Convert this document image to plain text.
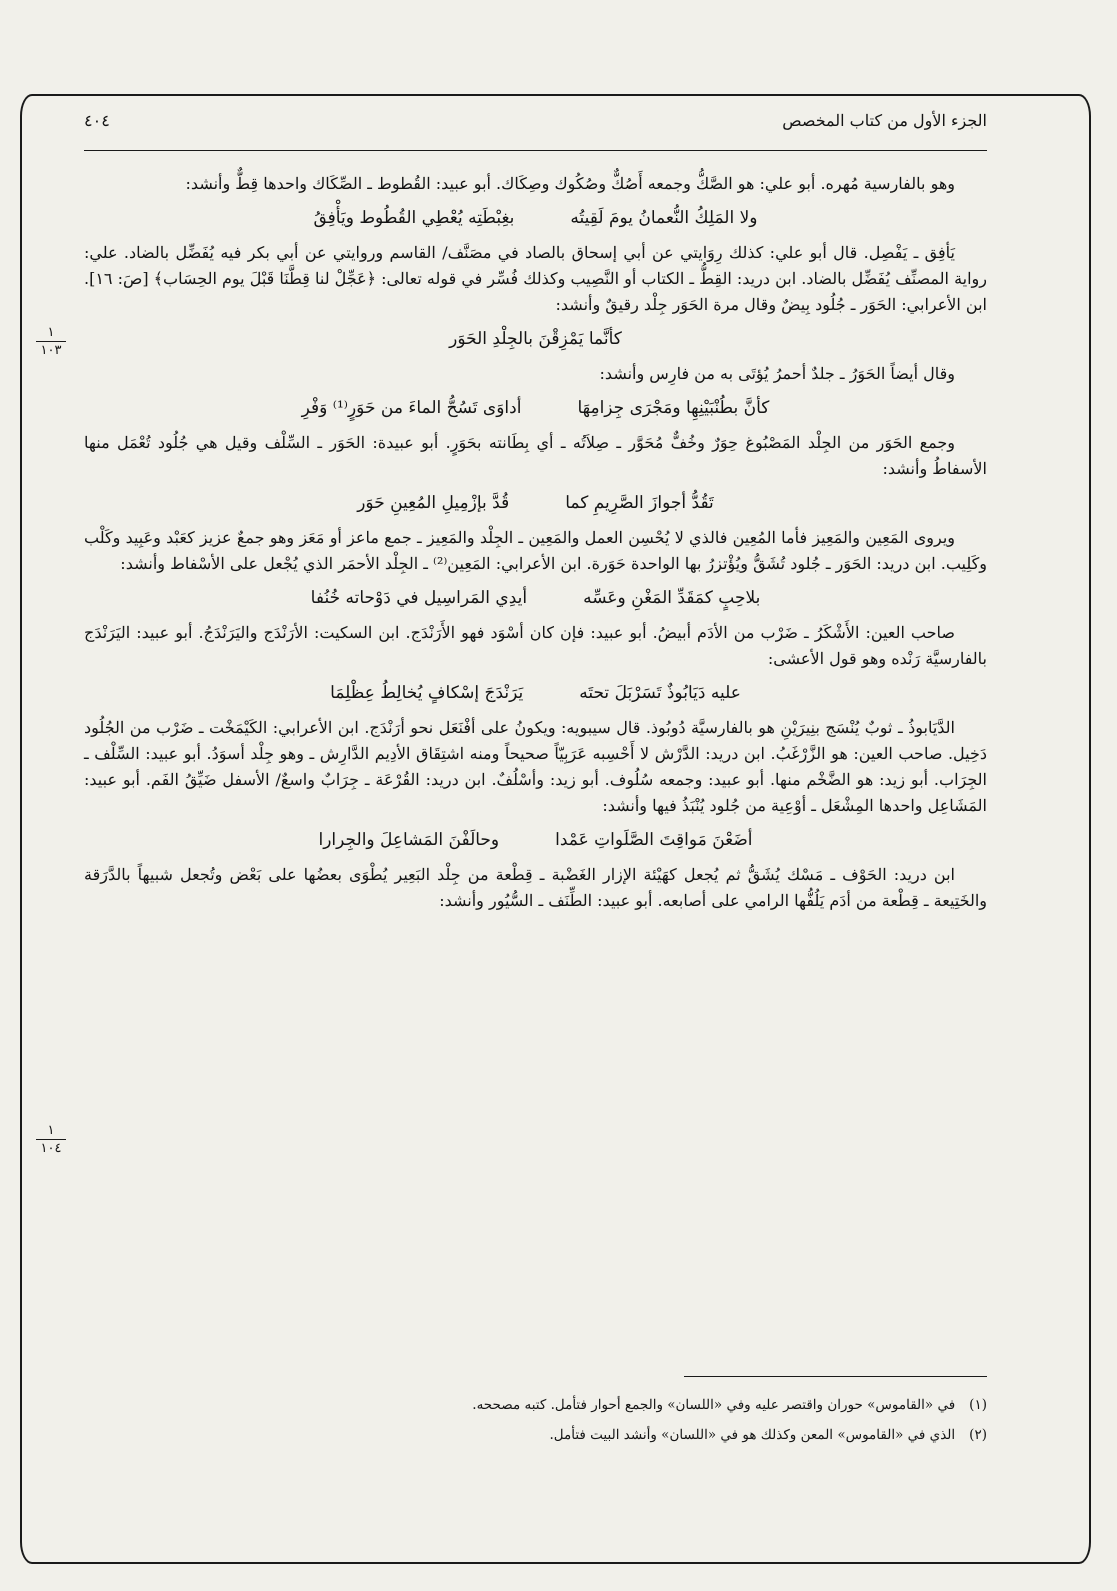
الجزء الأول من كتاب المخصص
٤٠٤
١
١٠٣
١
١٠٤

وهو بالفارسية مُهره. أبو علي: هو الصَّكُّ وجمعه أَصُكٌّ وصُكُوك وصِكَاك. أبو عبيد: القُطوط ـ الصِّكَاك واحدها قِطٌّ وأنشد:

ولا المَلِكُ النُّعمانُ يومَ لَقِيتُه
بغِبْطَتِه يُعْطِي القُطُوط ويَأْفِقُ

يَأفِق ـ يَفْصِل. قال أبو علي: كذلك رِوَايتي عن أبي إسحاق بالصاد في مصَنَّف/ القاسم وروايتي عن أبي بكر فيه يُفَضِّل بالضاد. علي: رواية المصنِّف يُفَضِّل بالضاد. ابن دريد: القِطُّ ـ الكتاب أو النَّصِيب وكذلك فُسِّر في قوله تعالى: ﴿عَجِّلْ لنا قِطَّنَا قَبْلَ يوم الحِسَاب﴾ [صَ: ١٦]. ابن الأعرابي: الحَوَر ـ جُلُود بِيضٌ وقال مرة الحَوَر جِلْد رقيقٌ وأنشد:

كأنَّما يَمْزِقْنَ بالجِلْدِ الحَوَر

وقال أيضاً الحَوَرُ ـ جلدٌ أحمرُ يُؤتَى به من فارِس وأنشد:

كأنَّ بطُنْبَيْنِهِا ومَجْرَى جِزامِهَا
أداوَى تَسُحُّ الماءَ من حَوَرٍ⁽¹⁾ وَفْرِ

وجمع الحَوَر من الجِلْد المَصْبُوغ حِوَرٌ وخُفٌّ مُحَوَّر ـ صِلاَتُه ـ أي بِطَانته بحَوَرٍ. أبو عبيدة: الحَوَر ـ السِّلْف وقيل هي جُلُود تُعْمَل منها الأسفاطُ وأنشد:

تَقُدُّ أجوازَ الصَّرِيمِ كما
قُدَّ بإزْمِيلِ المُعِينِ حَوَر

ويروى المَعِين والمَعِيز فأما المُعِين فالذي لا يُحْسِن العمل والمَعِين ـ الجِلْد والمَعِيز ـ جمع ماعز أو مَعَز وهو جمعٌ عزيز كعَبْد وعَبِيد وكَلْب وكَلِيب. ابن دريد: الحَوَر ـ جُلود تُشَقُّ ويُؤْتزرُ بها الواحدة حَوَرة. ابن الأعرابي: المَعِين⁽²⁾ ـ الجِلْد الأحمَر الذي يُجْعل على الأسْفاط وأنشد:

بلاحِبٍ كمَقَدِّ المَغْنِ وعَسِّه
أيدِي المَراسِيل في دَوْحاته خُنُفا

صاحب العين: الأَشْكَرُ ـ ضَرْب من الأدَم أبيضُ. أبو عبيد: فإن كان أسْوَد فهو الأَرَنْدَج. ابن السكيت: الأرَنْدَج واليَرَنْدَجُ. أبو عبيد: اليَرَنْدَج بالفارسيَّة رَنْده وهو قول الأعشى:

عليه دَيَابُوذٌ تَسَرْبَلَ تحتَه
يَرَنْدَجَ إسْكافٍ يُخالِطُ عِظْلِمَا

الدَّيَابوذُ ـ ثوبٌ يُنْسَج بنِيرَيْنِ هو بالفارسيَّة دُوبُوذ. قال سيبويه: ويكونُ على أفْنَعَل نحو أرَنْدَج. ابن الأعرابي: الكَيْمَخْت ـ ضَرْب من الجُلُود دَخِيل. صاحب العين: هو الزَّرْغَبُ. ابن دريد: الدَّرْش لا أَحْسِبه عَرَبِيّاً صحيحاً ومنه اشتِقَاق الأدِيم الدَّارِش ـ وهو جِلْد أسوَدُ. أبو عبيد: السِّلْف ـ الجِرَاب. أبو زيد: هو الضَّخْم منها. أبو عبيد: وجمعه سُلُوف. أبو زيد: وأسْلُفٌ. ابن دريد: القُرْعَة ـ جِرَابٌ واسعٌ/ الأسفل ضَيِّقُ الفَم. أبو عبيد: المَشَاعِل واحدها المِشْعَل ـ أوْعِية من جُلود يُنْبَذُ فيها وأنشد:

أضَعْنَ مَواقِتَ الصَّلَواتِ عَمْدا
وحالَفْنَ المَشاعِلَ والجِرارا

ابن دريد: الحَوْف ـ مَسْك يُشَقُّ ثم يُجعل كهَيْئة الإزار الغَضْبة ـ قِطْعة من جِلْد البَعِير يُطْوَى بعضُها على بَعْض وتُجعل شبيهاً بالدَّرَقة والخَتِيعة ـ قِطْعة من أدَم يَلُفُّها الرامي على أصابعه. أبو عبيد: الطِّنَف ـ السُّيُور وأنشد:

(١)
في «القاموس» حوران واقتصر عليه وفي «اللسان» والجمع أحوار فتأمل. كتبه مصححه.
(٢)
الذي في «القاموس» المعن وكذلك هو في «اللسان» وأنشد البيت فتأمل.
